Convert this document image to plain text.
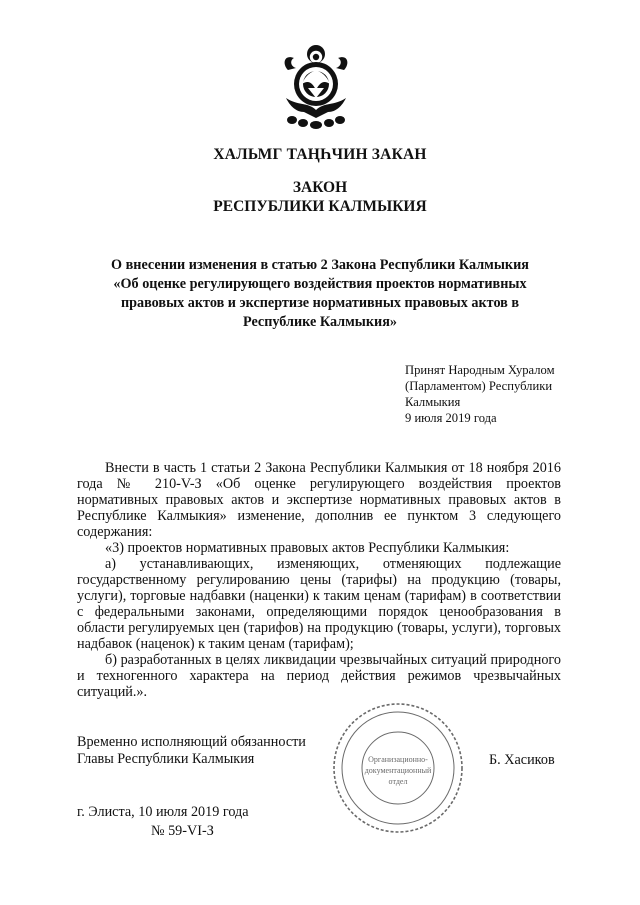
ХАЛЬМГ ТАҢҺЧИН ЗАКАН
ЗАКОН
РЕСПУБЛИКИ КАЛМЫКИЯ
О внесении изменения в статью 2 Закона Республики Калмыкия
«Об оценке регулирующего воздействия проектов нормативных
правовых актов и экспертизе нормативных правовых актов в
Республике Калмыкия»
Принят Народным Хуралом
(Парламентом) Республики
Калмыкия
9 июля 2019 года

Внести в часть 1 статьи 2 Закона Республики Калмыкия от 18 ноября 2016 года № 210-V-З «Об оценке регулирующего воздействия проектов нормативных правовых актов и экспертизе нормативных правовых актов в Республике Калмыкия» изменение, дополнив ее пунктом 3 следующего содержания:

«3) проектов нормативных правовых актов Республики Калмыкия:

а) устанавливающих, изменяющих, отменяющих подлежащие государственному регулированию цены (тарифы) на продукцию (товары, услуги), торговые надбавки (наценки) к таким ценам (тарифам) в соответствии с федеральными законами, определяющими порядок ценообразования в области регулируемых цен (тарифов) на продукцию (товары, услуги), торговых надбавок (наценок) к таким ценам (тарифам);

б) разработанных в целях ликвидации чрезвычайных ситуаций природного и техногенного характера на период действия режимов чрезвычайных ситуаций.».

Организационно-
документационный
отдел
Временно исполняющий обязанности
Главы Республики Калмыкия	Б. Хасиков
г. Элиста, 10 июля 2019 года
№ 59-VI-З
